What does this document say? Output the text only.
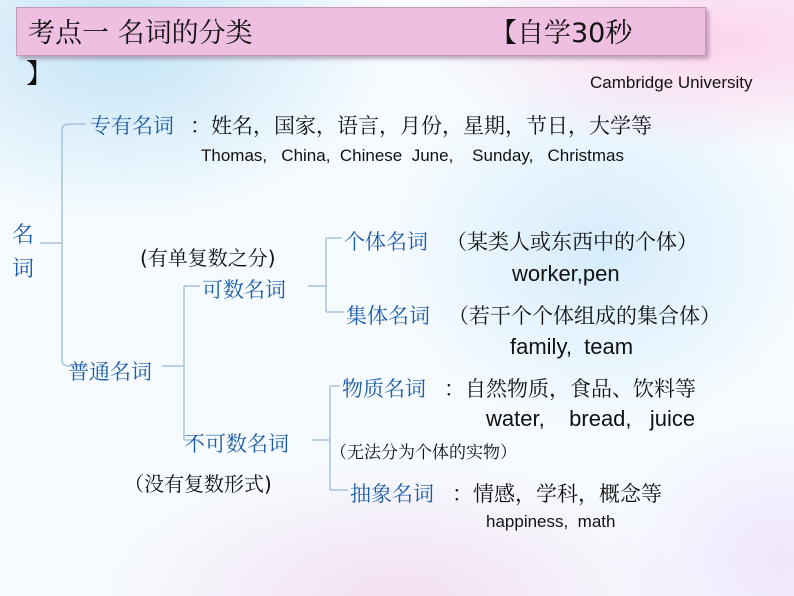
考点一 名词的分类	【自学30秒
】	Cambridge University
名
词
专有名词 ：姓名，国家，语言，月份，星期，节日，大学等
Thomas,   China,  Chinese  June,    Sunday,   Christmas
(有单复数之分)
可数名词
个体名词 （某类人或东西中的个体）
worker,pen
集体名词 （若干个个体组成的集合体）
family,  team
普通名词
物质名词 ：自然物质，食品、饮料等
water,    bread,   juice
不可数名词 （无法分为个体的实物）
（没有复数形式)	抽象名词 ：情感，学科，概念等
happiness,  math
